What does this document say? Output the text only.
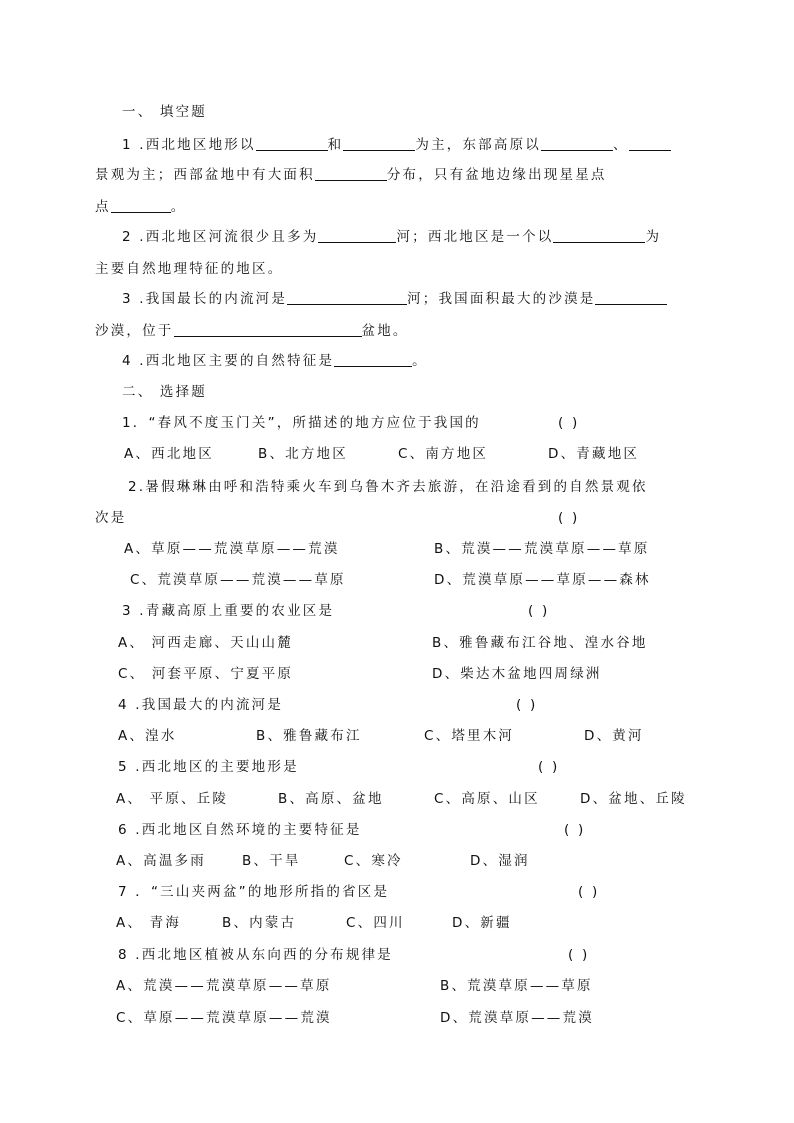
一、 填空题
1 .西北地区地形以	和	为主，东部高原以	、
景观为主；西部盆地中有大面积	分布，只有盆地边缘出现星星点
点	。
2 .西北地区河流很少且多为	河；西北地区是一个以	为
主要自然地理特征的地区。
3 .我国最长的内流河是	河；我国面积最大的沙漠是
沙漠，位于	盆地。
4 .西北地区主要的自然特征是	。
二、 选择题
1．“春风不度玉门关”，所描述的地方应位于我国的	( )
A、西北地区	B、北方地区	C、南方地区	D、青藏地区
2.暑假琳琳由呼和浩特乘火车到乌鲁木齐去旅游，在沿途看到的自然景观依
次是	( )
A、草原——荒漠草原——荒漠	B、荒漠——荒漠草原——草原
C、荒漠草原——荒漠——草原	D、荒漠草原——草原——森林
3 .青藏高原上重要的农业区是	( )
A、 河西走廊、天山山麓	B、雅鲁藏布江谷地、湟水谷地
C、 河套平原、宁夏平原	D、柴达木盆地四周绿洲
4 .我国最大的内流河是	( )
A、湟水	B、雅鲁藏布江	C、塔里木河	D、黄河
5 .西北地区的主要地形是	( )
A、 平原、丘陵	B、高原、盆地	C、高原、山区	D、盆地、丘陵
6 .西北地区自然环境的主要特征是	( )
A、高温多雨	B、干旱	C、寒冷	D、湿润
7 ．“三山夹两盆”的地形所指的省区是	( )
A、 青海	B、内蒙古	C、四川	D、新疆
8 .西北地区植被从东向西的分布规律是	( )
A、荒漠——荒漠草原——草原	B、荒漠草原——草原
C、草原——荒漠草原——荒漠	D、荒漠草原——荒漠
